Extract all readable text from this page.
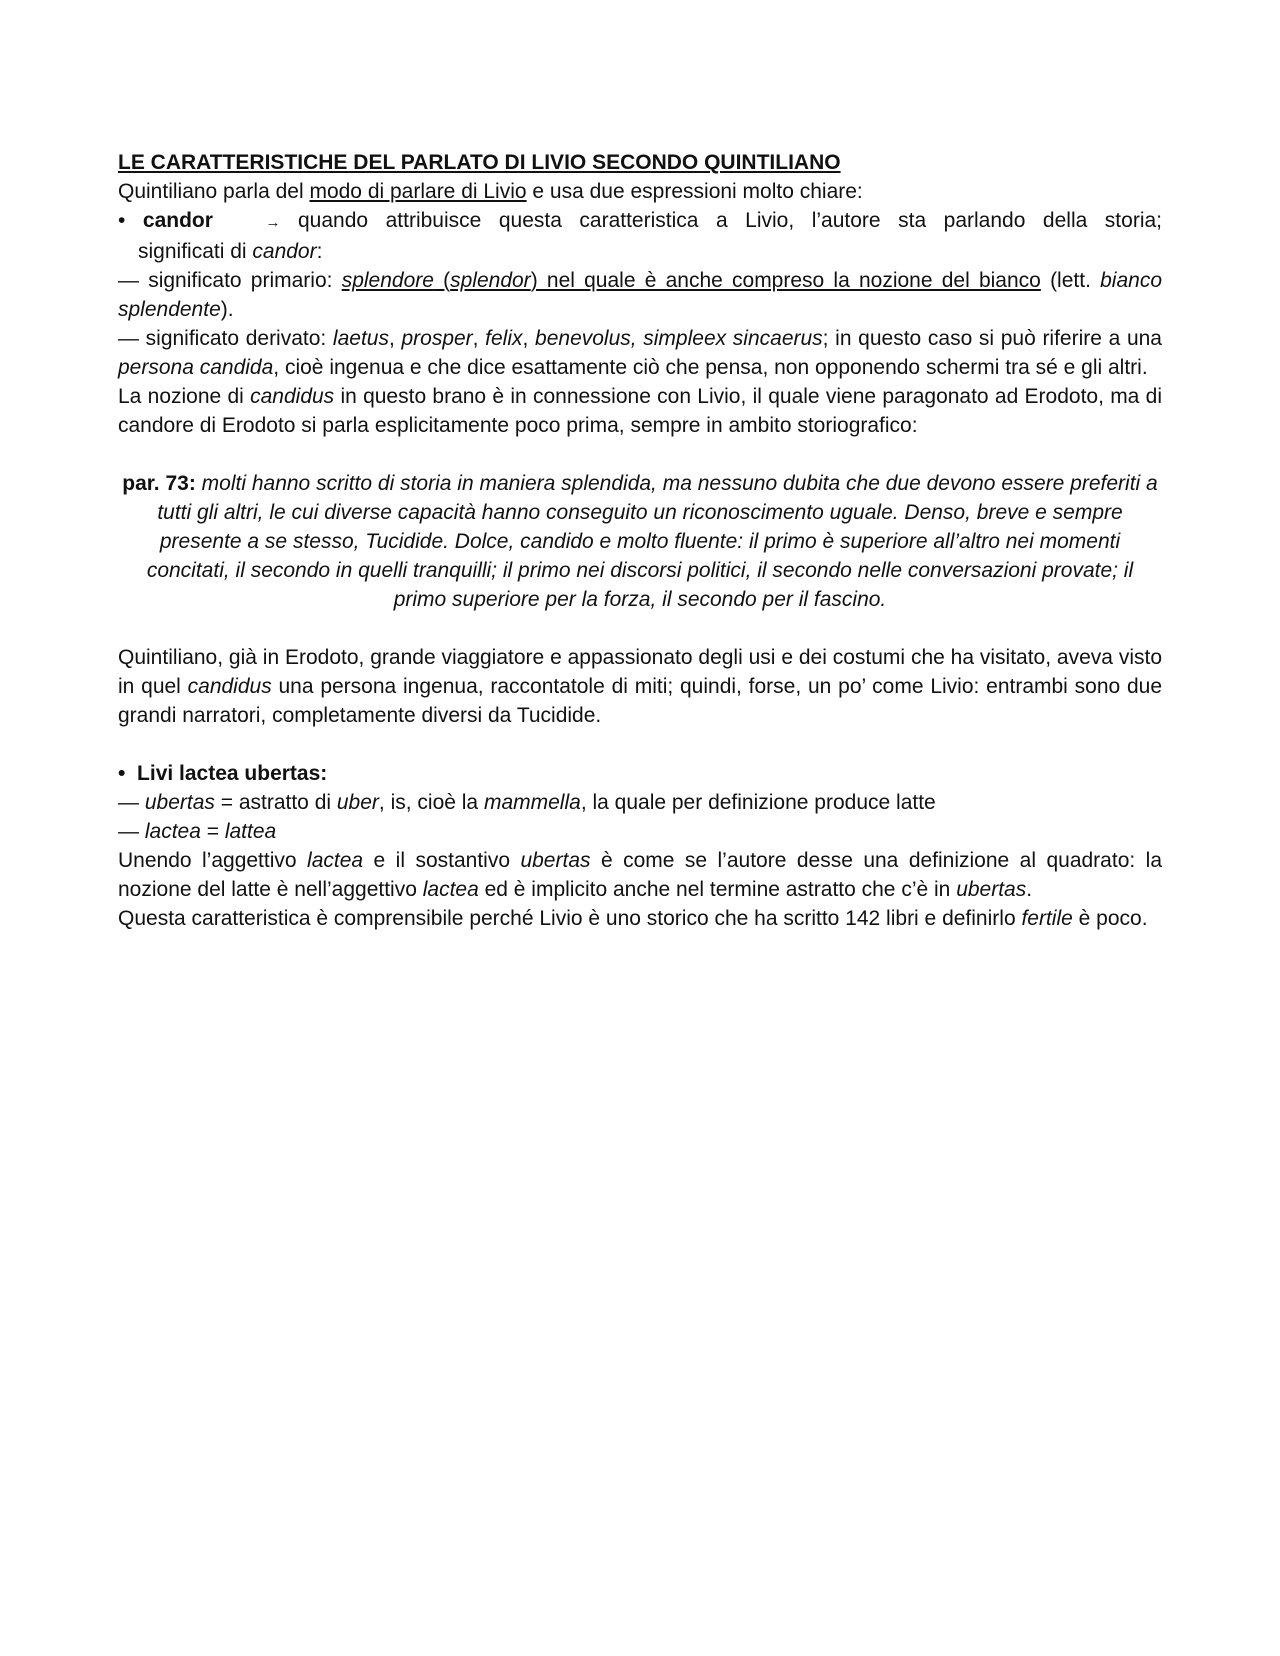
LE CARATTERISTICHE DEL PARLATO DI LIVIO SECONDO QUINTILIANO

Quintiliano parla del modo di parlare di Livio e usa due espressioni molto chiare:

• candor	→ quando attribuisce questa caratteristica a Livio, l’autore sta parlando della storia;

significati di candor:

— significato primario: splendore (splendor) nel quale è anche compreso la nozione del bianco (lett. bianco splendente).

— significato derivato: laetus, prosper, felix, benevolus, simpleex sincaerus; in questo caso si può riferire a una persona candida, cioè ingenua e che dice esattamente ciò che pensa, non opponendo schermi tra sé e gli altri.

La nozione di candidus in questo brano è in connessione con Livio, il quale viene paragonato ad Erodoto, ma di candore di Erodoto si parla esplicitamente poco prima, sempre in ambito storiografico:

par. 73: molti hanno scritto di storia in maniera splendida, ma nessuno dubita che due devono essere preferiti a tutti gli altri, le cui diverse capacità hanno conseguito un riconoscimento uguale. Denso, breve e sempre presente a se stesso, Tucidide. Dolce, candido e molto fluente: il primo è superiore all’altro nei momenti concitati, il secondo in quelli tranquilli; il primo nei discorsi politici, il secondo nelle conversazioni provate; il primo superiore per la forza, il secondo per il fascino.

Quintiliano, già in Erodoto, grande viaggiatore e appassionato degli usi e dei costumi che ha visitato, aveva visto in quel candidus una persona ingenua, raccontatole di miti; quindi, forse, un po’ come Livio: entrambi sono due grandi narratori, completamente diversi da Tucidide.

• Livi lactea ubertas:

— ubertas = astratto di uber, is, cioè la mammella, la quale per definizione produce latte

— lactea = lattea

Unendo l’aggettivo lactea e il sostantivo ubertas è come se l’autore desse una definizione al quadrato: la nozione del latte è nell’aggettivo lactea ed è implicito anche nel termine astratto che c’è in ubertas.

Questa caratteristica è comprensibile perché Livio è uno storico che ha scritto 142 libri e definirlo fertile è poco.
